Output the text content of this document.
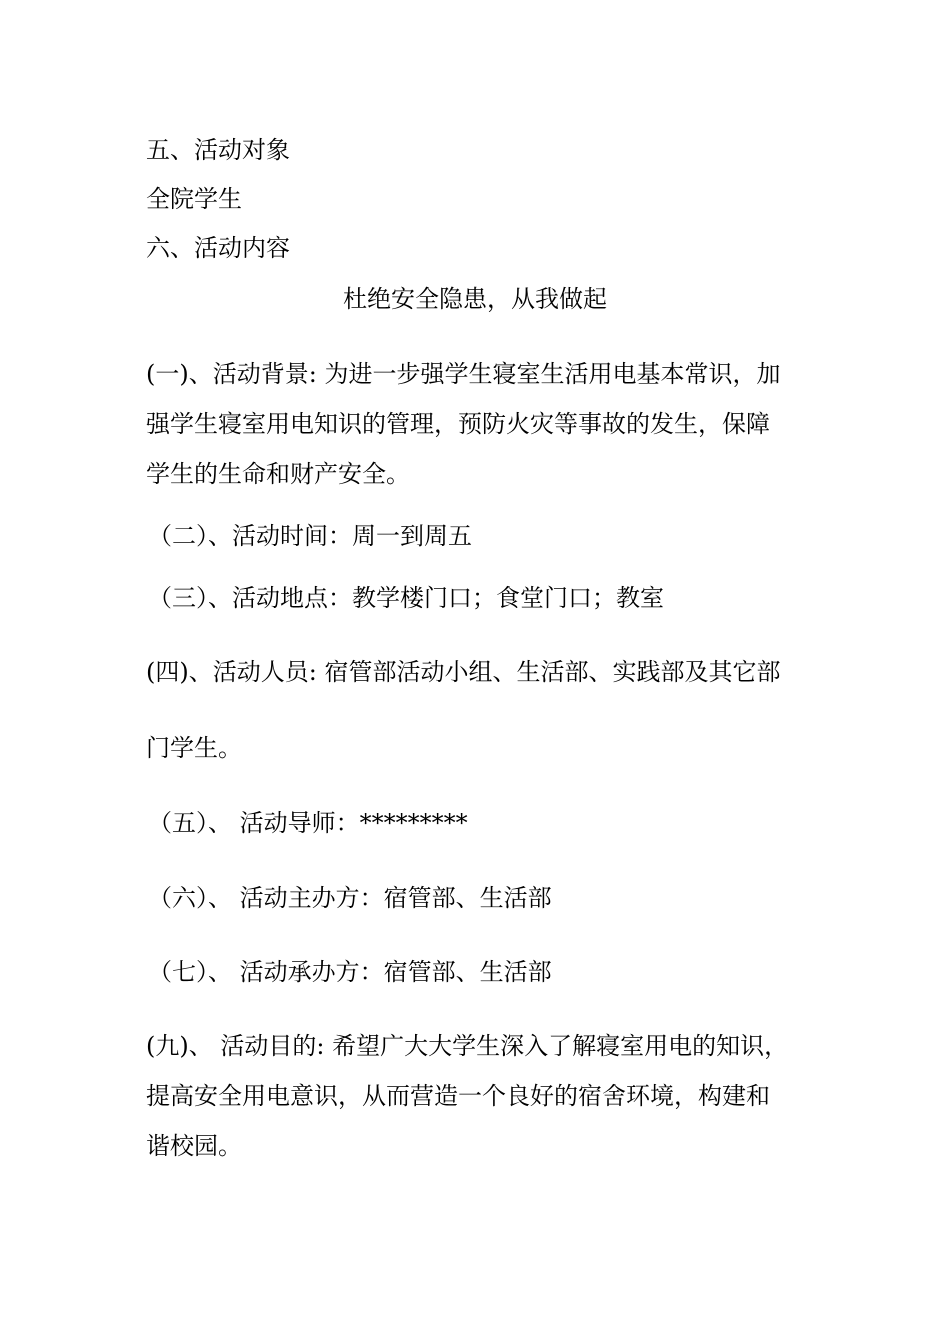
五、活动对象
全院学生
六、活动内容
杜绝安全隐患，从我做起
(一)、活动背景: 为进一步强学生寝室生活用电基本常识，加
强学生寝室用电知识的管理，预防火灾等事故的发生，保障
学生的生命和财产安全。
（二）、活动时间：周一到周五
（三）、活动地点：教学楼门口；食堂门口；教室
(四)、活动人员: 宿管部活动小组、生活部、实践部及其它部
门学生。
（五）、 活动导师：*********
（六）、 活动主办方：宿管部、生活部
（七）、 活动承办方：宿管部、生活部
(九)、 活动目的: 希望广大大学生深入了解寝室用电的知识，
提高安全用电意识，从而营造一个良好的宿舍环境，构建和
谐校园。
